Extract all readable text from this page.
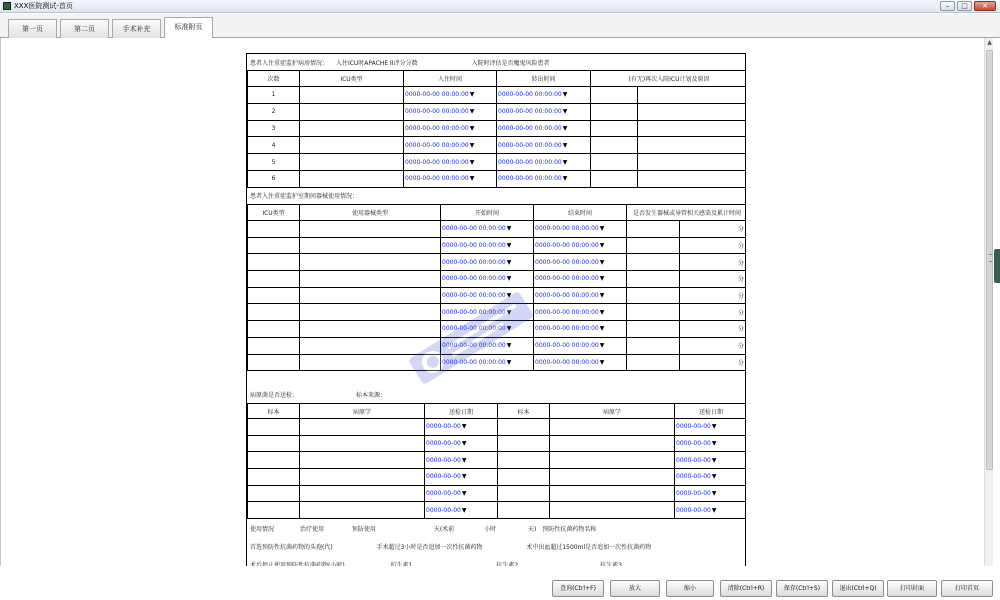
XXX医院测试-首页	–	□	✕
第一页	第二页	手术补充	标准附页
患者入住重症监护病房情况： 入住ICU时APACHE II评分分数	入院时评估是否魔鬼风险患者
次数	ICU类型	入住时间	转出时间	(有无)再次入院ICU计划及原因	
1		0000-00-00 00:00:00▼	0000-00-00 00:00:00▼		
2		0000-00-00 00:00:00▼	0000-00-00 00:00:00▼		
3		0000-00-00 00:00:00▼	0000-00-00 00:00:00▼		
4		0000-00-00 00:00:00▼	0000-00-00 00:00:00▼		
5		0000-00-00 00:00:00▼	0000-00-00 00:00:00▼		
6		0000-00-00 00:00:00▼	0000-00-00 00:00:00▼		
患者入住重症监护室期间器械使用情况：
ICU类型	使用器械类型	开始时间	结束时间	是否发生器械或导管相关感染及累计时间	
		0000-00-00 00:00:00▼	0000-00-00 00:00:00▼		分
		0000-00-00 00:00:00▼	0000-00-00 00:00:00▼		分
		0000-00-00 00:00:00▼	0000-00-00 00:00:00▼		分
		0000-00-00 00:00:00▼	0000-00-00 00:00:00▼		分
		0000-00-00 00:00:00▼	0000-00-00 00:00:00▼		分
		0000-00-00 00:00:00▼	0000-00-00 00:00:00▼		分
		0000-00-00 00:00:00▼	0000-00-00 00:00:00▼		分
		0000-00-00 00:00:00▼	0000-00-00 00:00:00▼		分
		0000-00-00 00:00:00▼	0000-00-00 00:00:00▼		分
病原菌是否送检：	标本来源：
标本	病原学	送检日期	标本	病原学	送检日期
		0000-00-00▼			0000-00-00▼
		0000-00-00▼			0000-00-00▼
		0000-00-00▼			0000-00-00▼
		0000-00-00▼			0000-00-00▼
		0000-00-00▼			0000-00-00▼
		0000-00-00▼			0000-00-00▼
使用情况	治疗使用	预防使用	天(术前	小时	天) 预防性抗菌药物名称
首选预防性抗菌药物的头孢(代)	手术超过3小时是否追加一次性抗菌药物	术中出血超过1500ml是否追加一次性抗菌药物
▲
查询(Ctrl+F)	放大	缩小	清除(Ctrl+R)	保存(Ctrl+S)	退出(Ctrl+Q)	打印封面	打印首页
